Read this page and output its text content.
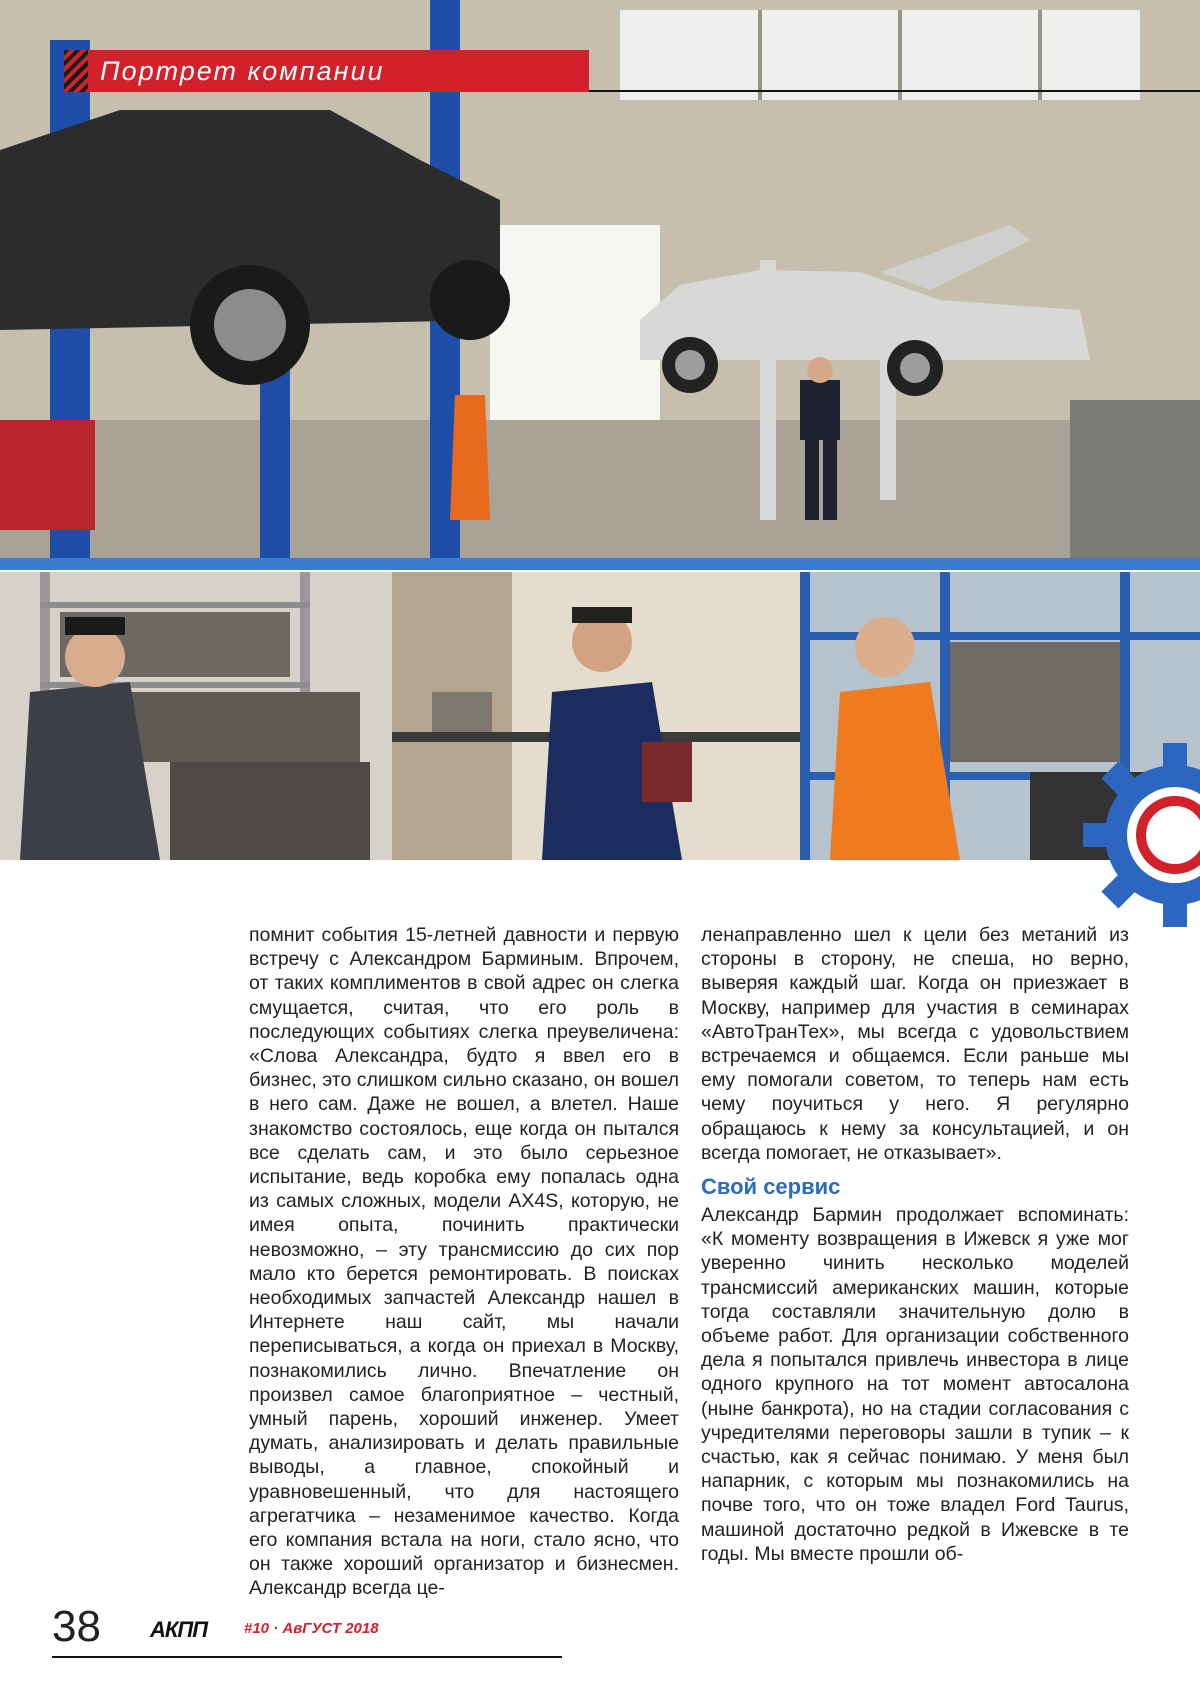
Портрет компании

помнит события 15-летней давности и первую встречу с Александром Барминым. Впрочем, от таких комплиментов в свой адрес он слегка смущается, считая, что его роль в последующих событиях слегка преувеличена: «Слова Александра, будто я ввел его в бизнес, это слишком сильно сказано, он вошел в него сам. Даже не вошел, а влетел. Наше знакомство состоялось, еще когда он пытался все сделать сам, и это было серьезное испытание, ведь коробка ему попалась одна из самых сложных, модели AX4S, которую, не имея опыта, починить практически невозможно, – эту трансмиссию до сих пор мало кто берется ремонтировать. В поисках необходимых запчастей Александр нашел в Интернете наш сайт, мы начали переписываться, а когда он приехал в Москву, познакомились лично. Впечатление он произвел самое благоприятное – честный, умный парень, хороший инженер. Умеет думать, анализировать и делать правильные выводы, а главное, спокойный и уравновешенный, что для настоящего агрегатчика – незаменимое качество. Когда его компания встала на ноги, стало ясно, что он также хороший организатор и бизнесмен. Александр всегда це-

ленаправленно шел к цели без метаний из стороны в сторону, не спеша, но верно, выверяя каждый шаг. Когда он приезжает в Москву, например для участия в семинарах «АвтоТранТех», мы всегда с удовольствием встречаемся и общаемся. Если раньше мы ему помогали советом, то теперь нам есть чему поучиться у него. Я регулярно обращаюсь к нему за консультацией, и он всегда помогает, не отказывает».

Свой сервис

Александр Бармин продолжает вспоминать: «К моменту возвращения в Ижевск я уже мог уверенно чинить несколько моделей трансмиссий американских машин, которые тогда составляли значительную долю в объеме работ. Для организации собственного дела я попытался привлечь инвестора в лице одного крупного на тот момент автосалона (ныне банкрота), но на стадии согласования с учредителями переговоры зашли в тупик – к счастью, как я сейчас понимаю. У меня был напарник, с которым мы познакомились на почве того, что он тоже владел Ford Taurus, машиной достаточно редкой в Ижевске в те годы. Мы вместе прошли об-

38 АКПП #10 · АвГУСТ 2018
